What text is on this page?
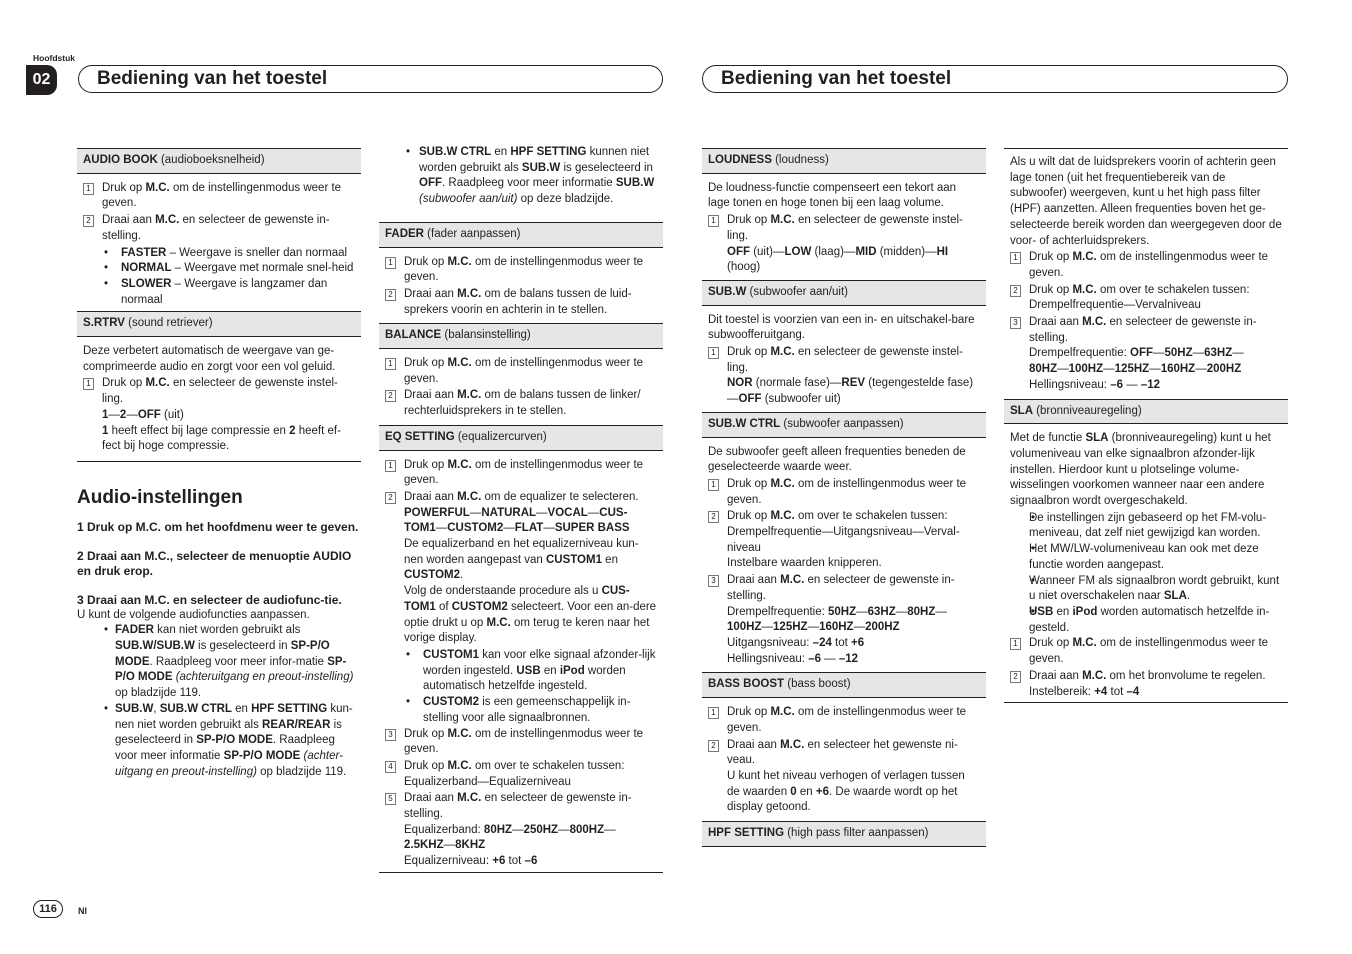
Hoofdstuk
02	Bediening van het toestel	Bediening van het toestel
AUDIO BOOK (audioboeksnelheid)
1 Druk op M.C. om de instellingenmodus weer te geven.
2 Draai aan M.C. en selecteer de gewenste in-stelling.
• FASTER – Weergave is sneller dan normaal
• NORMAL – Weergave met normale snel-heid
• SLOWER – Weergave is langzamer dan normaal
S.RTRV (sound retriever)
Deze verbetert automatisch de weergave van ge-comprimeerde audio en zorgt voor een vol geluid.
1 Druk op M.C. en selecteer de gewenste instel-ling.
1—2—OFF (uit)
1 heeft effect bij lage compressie en 2 heeft ef-fect bij hoge compressie.
Audio-instellingen
1 Druk op M.C. om het hoofdmenu weer te geven.
2 Draai aan M.C., selecteer de menuoptie AUDIO en druk erop.
3 Draai aan M.C. en selecteer de audiofunc-tie.
U kunt de volgende audiofuncties aanpassen.
• FADER kan niet worden gebruikt als SUB.W/SUB.W is geselecteerd in SP-P/O MODE. Raadpleeg voor meer infor-matie SP-P/O MODE (achteruitgang en preout-instelling) op bladzijde 119.
• SUB.W, SUB.W CTRL en HPF SETTING kun-nen niet worden gebruikt als REAR/REAR is geselecteerd in SP-P/O MODE. Raadpleeg voor meer informatie SP-P/O MODE (achter-uitgang en preout-instelling) op bladzijde 119.
• SUB.W CTRL en HPF SETTING kunnen niet worden gebruikt als SUB.W is geselecteerd in OFF. Raadpleeg voor meer informatie SUB.W (subwoofer aan/uit) op deze bladzijde.
FADER (fader aanpassen)
1 Druk op M.C. om de instellingenmodus weer te geven.
2 Draai aan M.C. om de balans tussen de luid-sprekers voorin en achterin in te stellen.
BALANCE (balansinstelling)
1 Druk op M.C. om de instellingenmodus weer te geven.
2 Draai aan M.C. om de balans tussen de linker/ rechterluidsprekers in te stellen.
EQ SETTING (equalizercurven)
1 Druk op M.C. om de instellingenmodus weer te geven.
2 Draai aan M.C. om de equalizer te selecteren.
POWERFUL—NATURAL—VOCAL—CUS-TOM1—CUSTOM2—FLAT—SUPER BASS
De equalizerband en het equalizerniveau kun-nen worden aangepast van CUSTOM1 en CUSTOM2.
Volg de onderstaande procedure als u CUS-TOM1 of CUSTOM2 selecteert. Voor een an-dere optie drukt u op M.C. om terug te keren naar het vorige display.
• CUSTOM1 kan voor elke signaal afzonder-lijk worden ingesteld. USB en iPod worden automatisch hetzelfde ingesteld.
• CUSTOM2 is een gemeenschappelijk in-stelling voor alle signaalbronnen.
3 Druk op M.C. om de instellingenmodus weer te geven.
4 Druk op M.C. om over te schakelen tussen:
Equalizerband—Equalizerniveau
5 Draai aan M.C. en selecteer de gewenste in-stelling.
Equalizerband: 80HZ—250HZ—800HZ—
2.5KHZ—8KHZ
Equalizerniveau: +6 tot –6
LOUDNESS (loudness)
De loudness-functie compenseert een tekort aan lage tonen en hoge tonen bij een laag volume.
1 Druk op M.C. en selecteer de gewenste instel-ling.
OFF (uit)—LOW (laag)—MID (midden)—HI (hoog)
SUB.W (subwoofer aan/uit)
Dit toestel is voorzien van een in- en uitschakel-bare subwoofferuitgang.
1 Druk op M.C. en selecteer de gewenste instel-ling.
NOR (normale fase)—REV (tegengestelde fase)—OFF (subwoofer uit)
SUB.W CTRL (subwoofer aanpassen)
De subwoofer geeft alleen frequenties beneden de geselecteerde waarde weer.
1 Druk op M.C. om de instellingenmodus weer te geven.
2 Druk op M.C. om over te schakelen tussen:
Drempelfrequentie—Uitgangsniveau—Verval-niveau
Instelbare waarden knipperen.
3 Draai aan M.C. en selecteer de gewenste in-stelling.
Drempelfrequentie: 50HZ—63HZ—80HZ—
100HZ—125HZ—160HZ—200HZ
Uitgangsniveau: –24 tot +6
Hellingsniveau: –6 — –12
BASS BOOST (bass boost)
1 Druk op M.C. om de instellingenmodus weer te geven.
2 Draai aan M.C. en selecteer het gewenste ni-veau.
U kunt het niveau verhogen of verlagen tussen de waarden 0 en +6. De waarde wordt op het display getoond.
HPF SETTING (high pass filter aanpassen)
Als u wilt dat de luidsprekers voorin of achterin geen lage tonen (uit het frequentiebereik van de subwoofer) weergeven, kunt u het high pass filter (HPF) aanzetten. Alleen frequenties boven het ge-selecteerde bereik worden dan weergegeven door de voor- of achterluidsprekers.
1 Druk op M.C. om de instellingenmodus weer te geven.
2 Druk op M.C. om over te schakelen tussen:
Drempelfrequentie—Vervalniveau
3 Draai aan M.C. en selecteer de gewenste in-stelling.
Drempelfrequentie: OFF—50HZ—63HZ—
80HZ—100HZ—125HZ—160HZ—200HZ
Hellingsniveau: –6 — –12
SLA (bronniveauregeling)
Met de functie SLA (bronniveauregeling) kunt u het volumeniveau van elke signaalbron afzonder-lijk instellen. Hierdoor kunt u plotselinge volume-wisselingen voorkomen wanneer naar een andere signaalbron wordt overgeschakeld.
• De instellingen zijn gebaseerd op het FM-volu-meniveau, dat zelf niet gewijzigd kan worden.
• Het MW/LW-volumeniveau kan ook met deze functie worden aangepast.
• Wanneer FM als signaalbron wordt gebruikt, kunt u niet overschakelen naar SLA.
• USB en iPod worden automatisch hetzelfde in-gesteld.
1 Druk op M.C. om de instellingenmodus weer te geven.
2 Draai aan M.C. om het bronvolume te regelen.
Instelbereik: +4 tot –4
116	Nl
